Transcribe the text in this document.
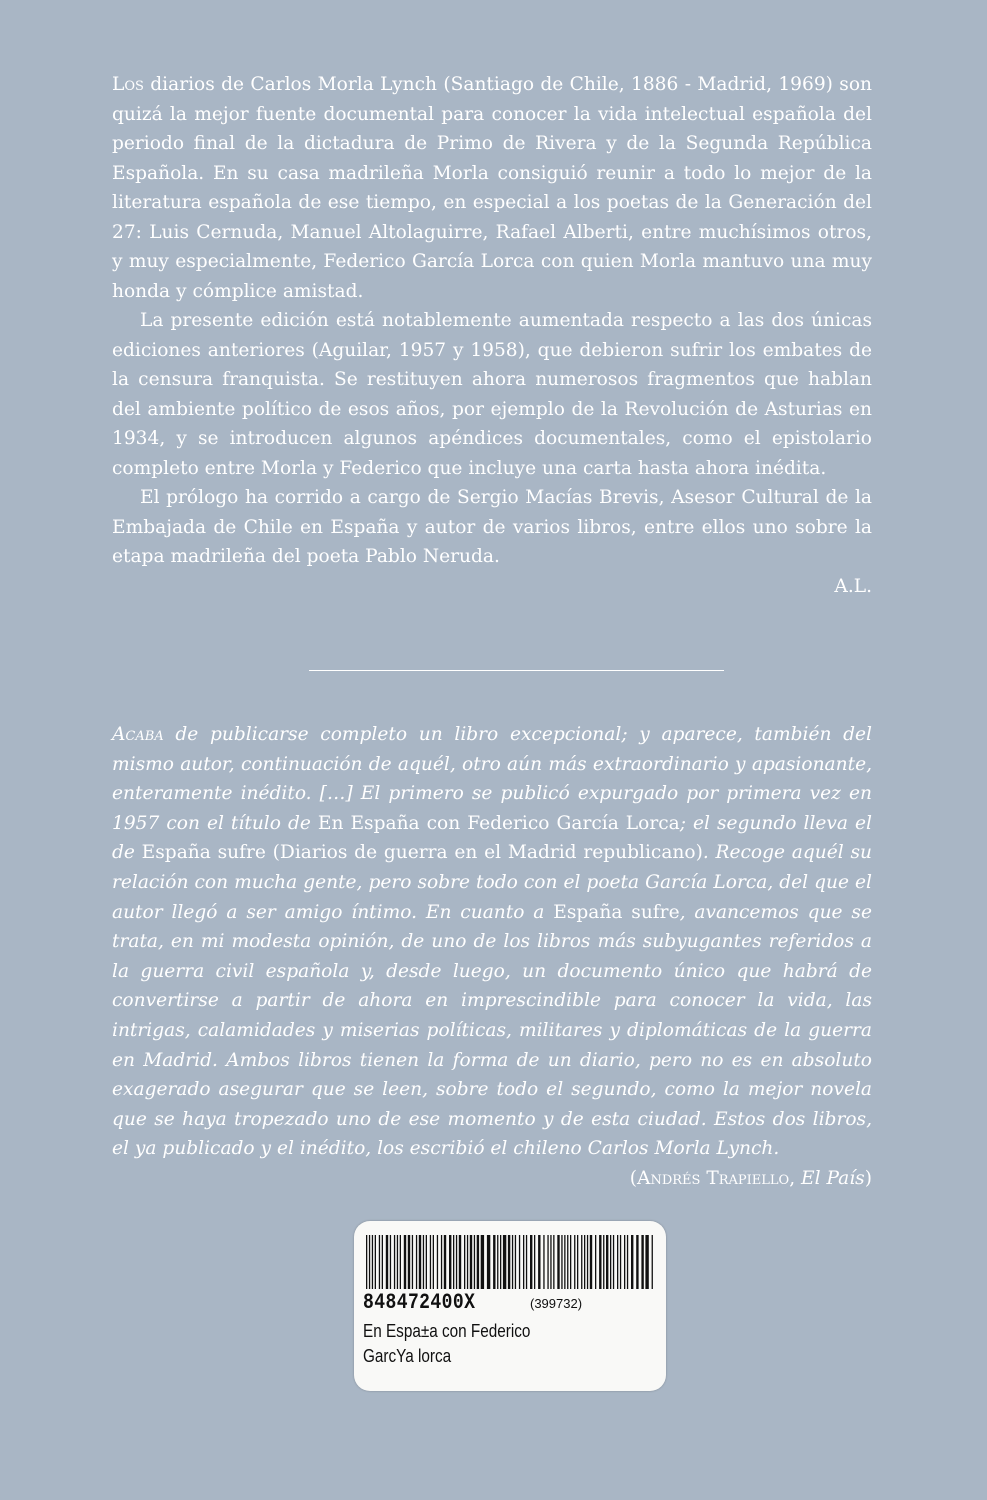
Los diarios de Carlos Morla Lynch (Santiago de Chile, 1886 - Madrid, 1969) son quizá la mejor fuente documental para conocer la vida intelectual española del periodo final de la dictadura de Primo de Rivera y de la Segunda República Española. En su casa madrileña Morla consiguió reunir a todo lo mejor de la literatura española de ese tiempo, en especial a los poetas de la Generación del 27: Luis Cernuda, Manuel Altolaguirre, Rafael Alberti, entre muchísimos otros, y muy especialmente, Federico García Lorca con quien Morla mantuvo una muy honda y cómplice amistad.

La presente edición está notablemente aumentada respecto a las dos únicas ediciones anteriores (Aguilar, 1957 y 1958), que debieron sufrir los embates de la censura franquista. Se restituyen ahora numerosos fragmentos que hablan del ambiente político de esos años, por ejemplo de la Revolución de Asturias en 1934, y se introducen algunos apéndices documentales, como el epistolario completo entre Morla y Federico que incluye una carta hasta ahora inédita.

El prólogo ha corrido a cargo de Sergio Macías Brevis, Asesor Cultural de la Embajada de Chile en España y autor de varios libros, entre ellos uno sobre la etapa madrileña del poeta Pablo Neruda.

A.L.

Acaba de publicarse completo un libro excepcional; y aparece, también del mismo autor, continuación de aquél, otro aún más extraordinario y apasionante, enteramente inédito. […] El primero se publicó expurgado por primera vez en 1957 con el título de En España con Federico García Lorca; el segundo lleva el de España sufre (Diarios de guerra en el Madrid republicano). Recoge aquél su relación con mucha gente, pero sobre todo con el poeta García Lorca, del que el autor llegó a ser amigo íntimo. En cuanto a España sufre, avancemos que se trata, en mi modesta opinión, de uno de los libros más subyugantes referidos a la guerra civil española y, desde luego, un documento único que habrá de convertirse a partir de ahora en imprescindible para conocer la vida, las intrigas, calamidades y miserias políticas, militares y diplomáticas de la guerra en Madrid. Ambos libros tienen la forma de un diario, pero no es en absoluto exagerado asegurar que se leen, sobre todo el segundo, como la mejor novela que se haya tropezado uno de ese momento y de esta ciudad. Estos dos libros, el ya publicado y el inédito, los escribió el chileno Carlos Morla Lynch.

(Andrés Trapiello, El País)

848472400X	(399732)
En Espa±a con Federico
GarcYa lorca
